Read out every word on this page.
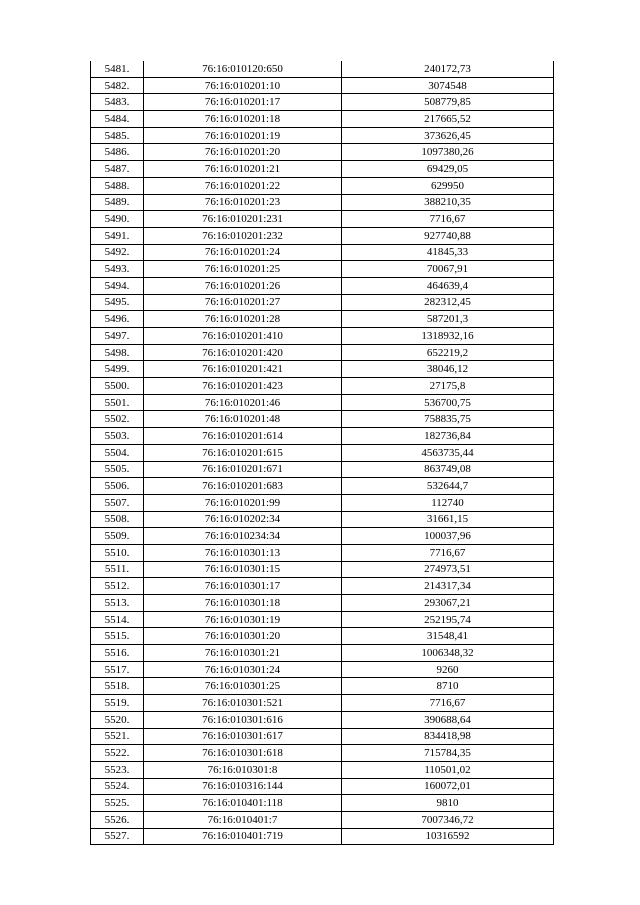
5481.	76:16:010120:650	240172,73
5482.	76:16:010201:10	3074548
5483.	76:16:010201:17	508779,85
5484.	76:16:010201:18	217665,52
5485.	76:16:010201:19	373626,45
5486.	76:16:010201:20	1097380,26
5487.	76:16:010201:21	69429,05
5488.	76:16:010201:22	629950
5489.	76:16:010201:23	388210,35
5490.	76:16:010201:231	7716,67
5491.	76:16:010201:232	927740,88
5492.	76:16:010201:24	41845,33
5493.	76:16:010201:25	70067,91
5494.	76:16:010201:26	464639,4
5495.	76:16:010201:27	282312,45
5496.	76:16:010201:28	587201,3
5497.	76:16:010201:410	1318932,16
5498.	76:16:010201:420	652219,2
5499.	76:16:010201:421	38046,12
5500.	76:16:010201:423	27175,8
5501.	76:16:010201:46	536700,75
5502.	76:16:010201:48	758835,75
5503.	76:16:010201:614	182736,84
5504.	76:16:010201:615	4563735,44
5505.	76:16:010201:671	863749,08
5506.	76:16:010201:683	532644,7
5507.	76:16:010201:99	112740
5508.	76:16:010202:34	31661,15
5509.	76:16:010234:34	100037,96
5510.	76:16:010301:13	7716,67
5511.	76:16:010301:15	274973,51
5512.	76:16:010301:17	214317,34
5513.	76:16:010301:18	293067,21
5514.	76:16:010301:19	252195,74
5515.	76:16:010301:20	31548,41
5516.	76:16:010301:21	1006348,32
5517.	76:16:010301:24	9260
5518.	76:16:010301:25	8710
5519.	76:16:010301:521	7716,67
5520.	76:16:010301:616	390688,64
5521.	76:16:010301:617	834418,98
5522.	76:16:010301:618	715784,35
5523.	76:16:010301:8	110501,02
5524.	76:16:010316:144	160072,01
5525.	76:16:010401:118	9810
5526.	76:16:010401:7	7007346,72
5527.	76:16:010401:719	10316592
